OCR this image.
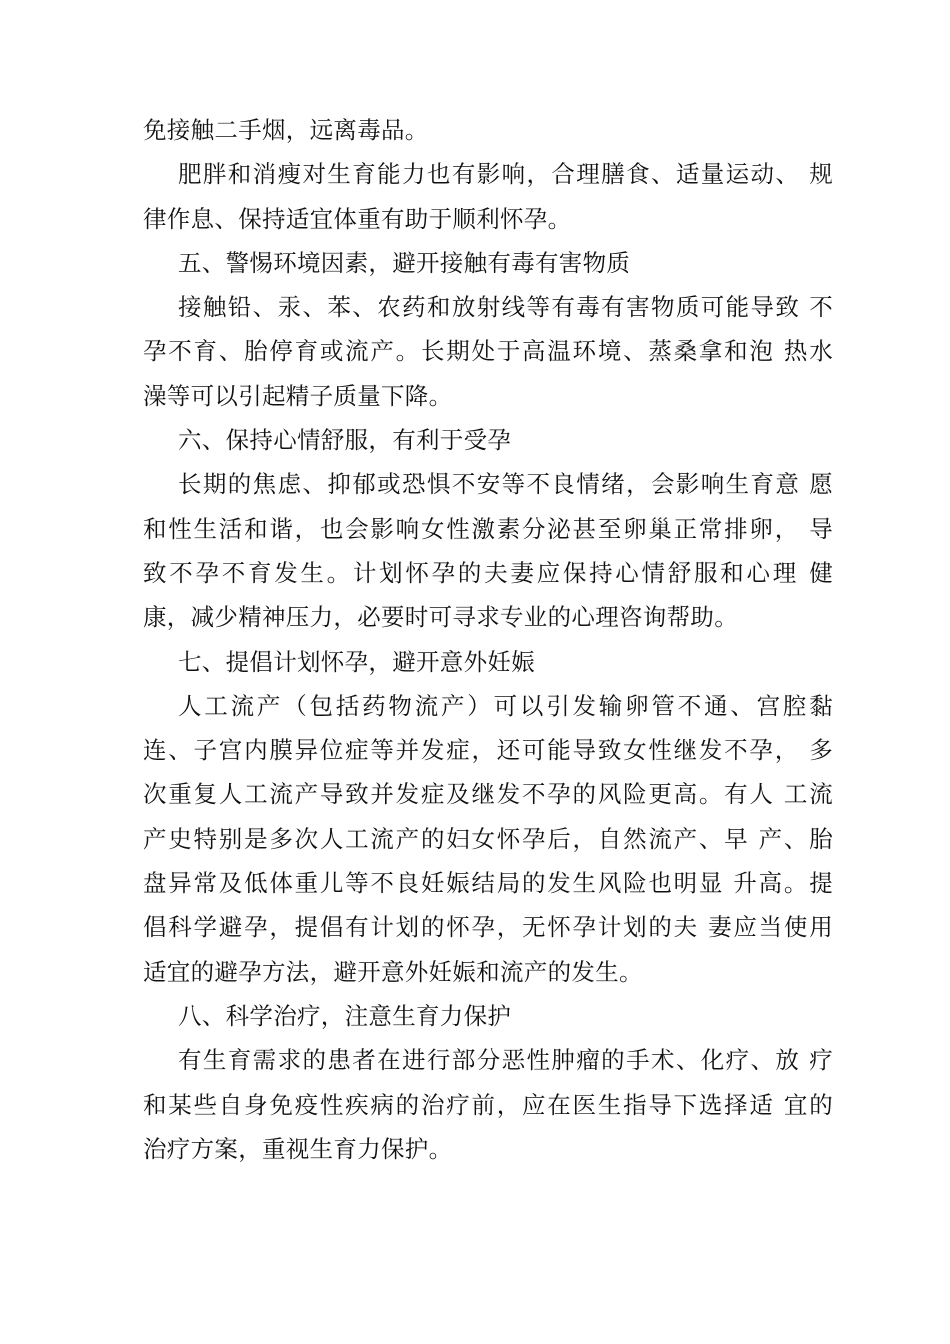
免接触二手烟，远离毒品。
肥胖和消瘦对生育能力也有影响，合理膳食、适量运动、 规
律作息、保持适宜体重有助于顺利怀孕。
五、警惕环境因素，避开接触有毒有害物质
接触铅、汞、苯、农药和放射线等有毒有害物质可能导致 不
孕不育、胎停育或流产。长期处于高温环境、蒸桑拿和泡 热水
澡等可以引起精子质量下降。
六、保持心情舒服，有利于受孕
长期的焦虑、抑郁或恐惧不安等不良情绪，会影响生育意 愿
和性生活和谐，也会影响女性激素分泌甚至卵巢正常排卵， 导
致不孕不育发生。计划怀孕的夫妻应保持心情舒服和心理 健
康，减少精神压力，必要时可寻求专业的心理咨询帮助。
七、提倡计划怀孕，避开意外妊娠
人工流产（包括药物流产）可以引发输卵管不通、宫腔黏
连、子宫内膜异位症等并发症，还可能导致女性继发不孕， 多
次重复人工流产导致并发症及继发不孕的风险更高。有人 工流
产史特别是多次人工流产的妇女怀孕后，自然流产、早 产、胎
盘异常及低体重儿等不良妊娠结局的发生风险也明显 升高。提
倡科学避孕，提倡有计划的怀孕，无怀孕计划的夫 妻应当使用
适宜的避孕方法，避开意外妊娠和流产的发生。
八、科学治疗，注意生育力保护
有生育需求的患者在进行部分恶性肿瘤的手术、化疗、放 疗
和某些自身免疫性疾病的治疗前，应在医生指导下选择适 宜的
治疗方案，重视生育力保护。
